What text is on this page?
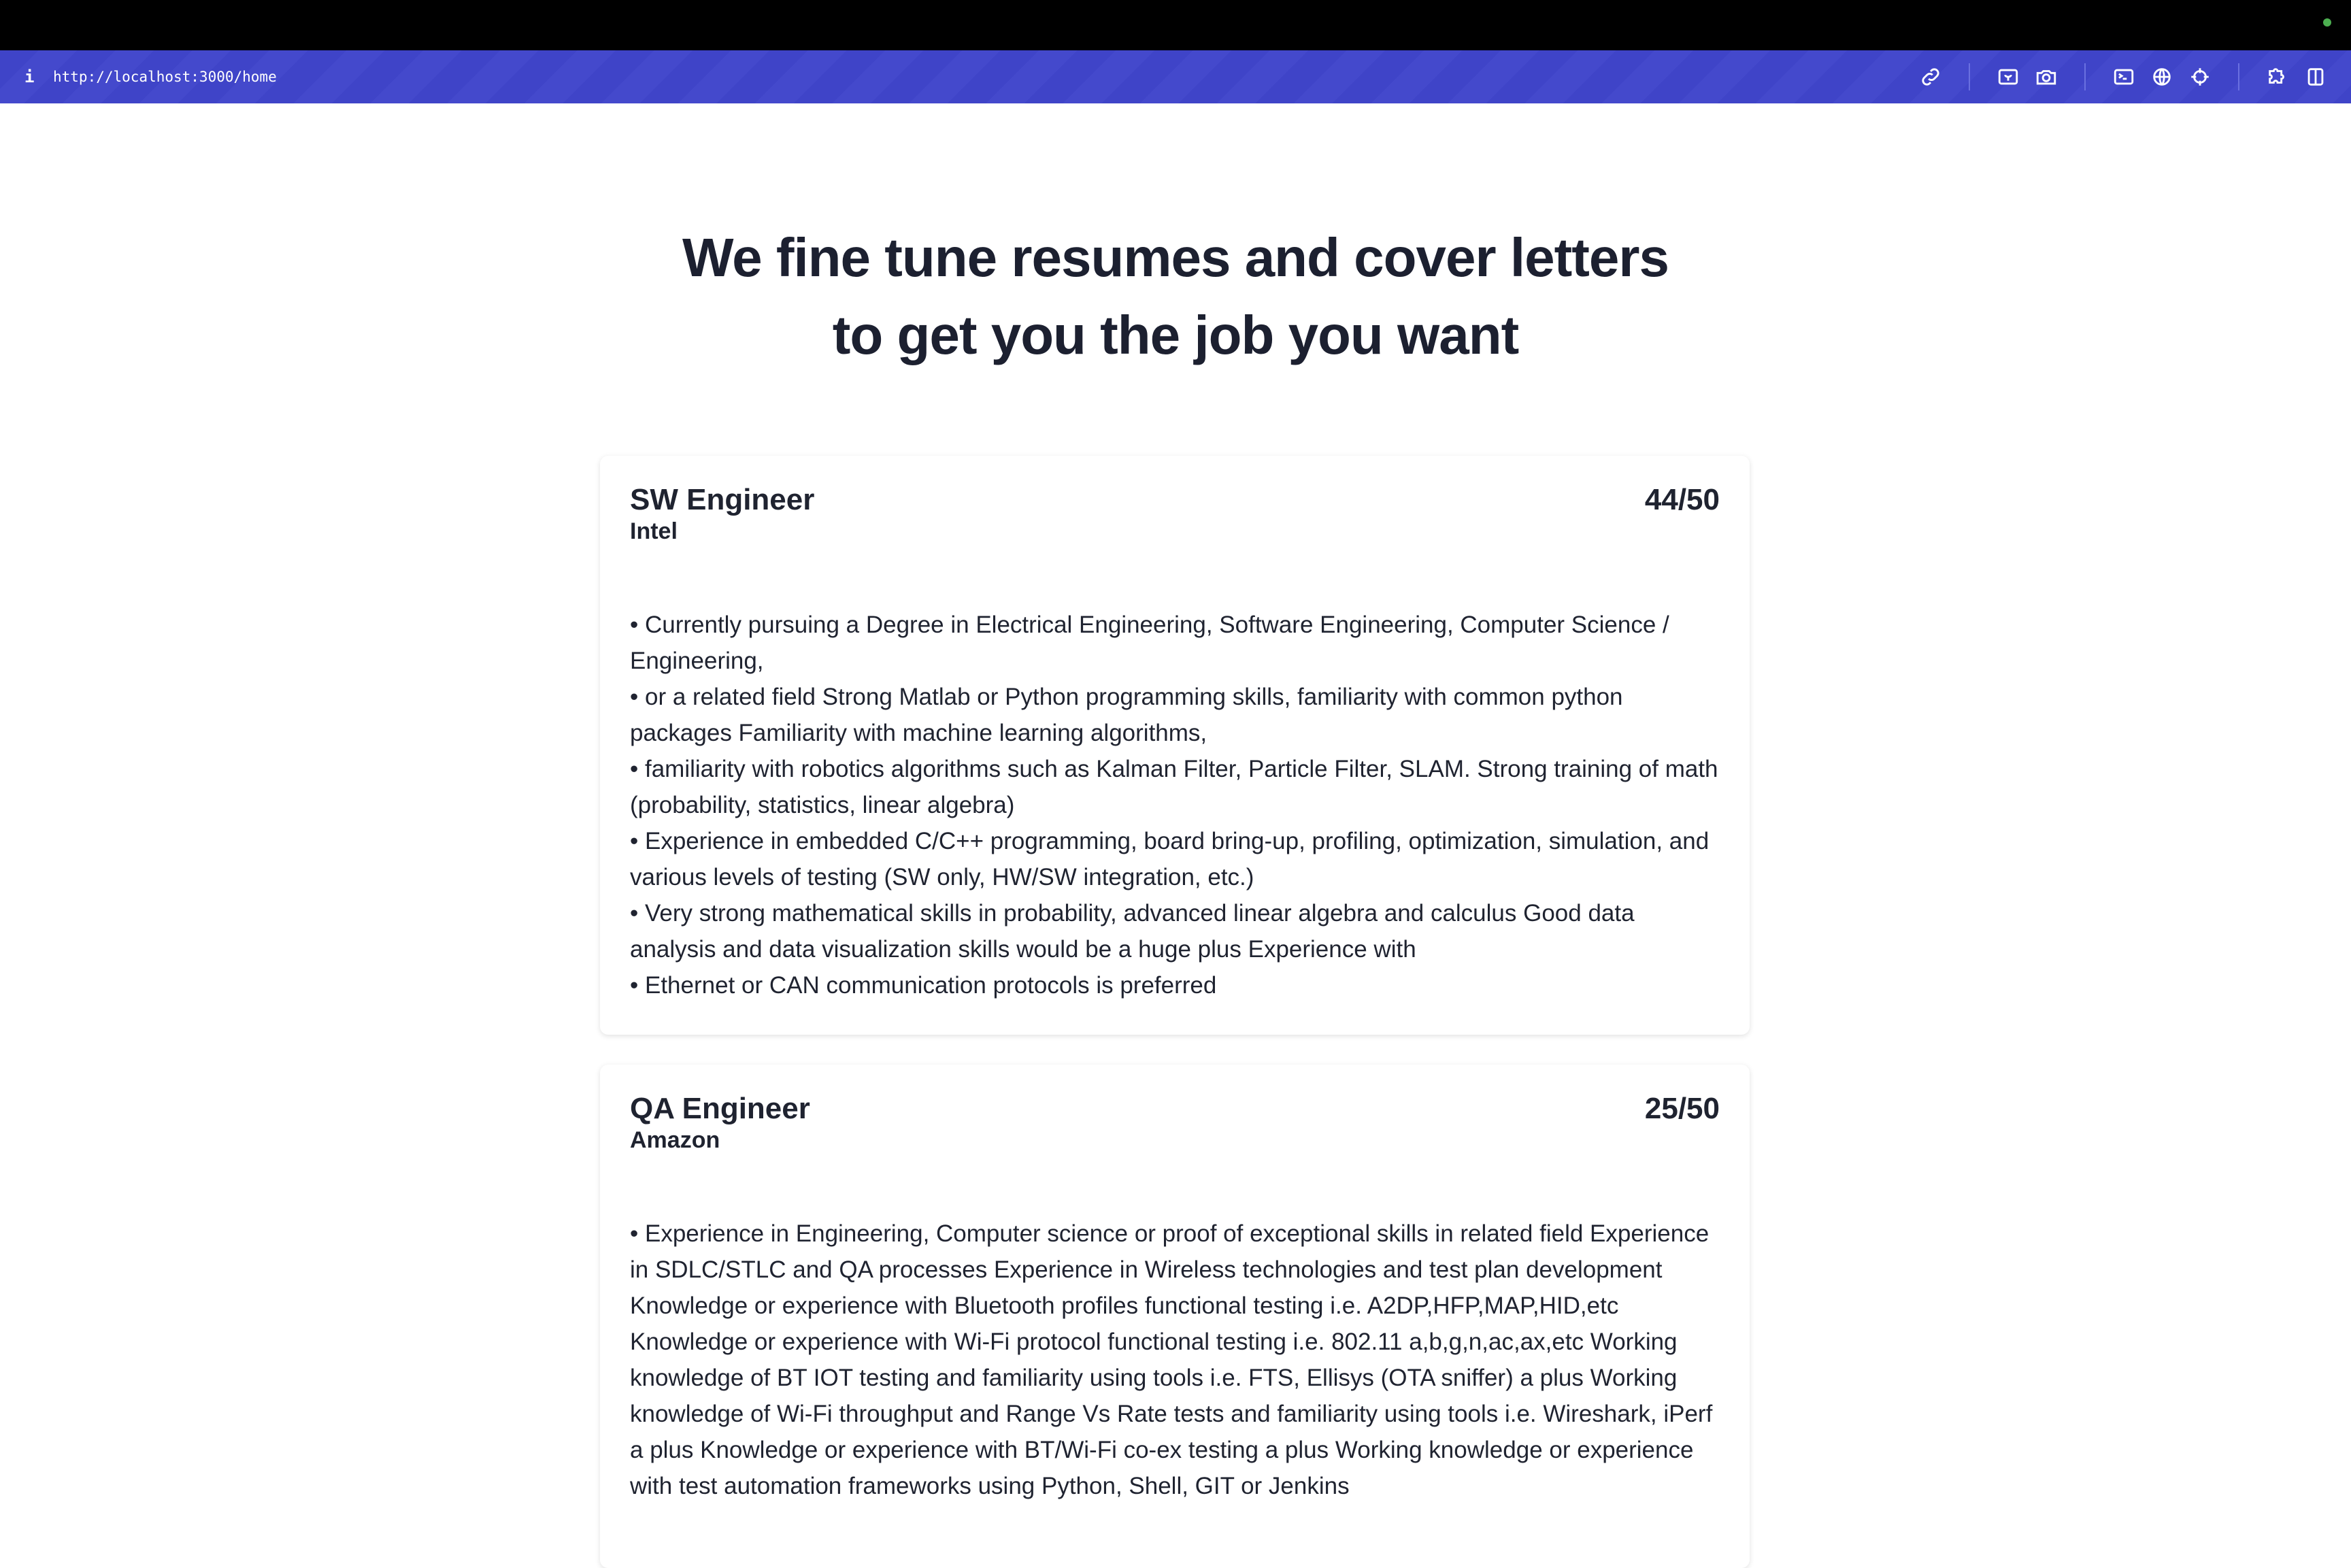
i	http://localhost:3000/home
We fine tune resumes and cover letters
to get you the job you want
SW Engineer
Intel
44/50
• Currently pursuing a Degree in Electrical Engineering, Software Engineering, Computer Science / Engineering,
• or a related field Strong Matlab or Python programming skills, familiarity with common python packages Familiarity with machine learning algorithms,
• familiarity with robotics algorithms such as Kalman Filter, Particle Filter, SLAM. Strong training of math (probability, statistics, linear algebra)
• Experience in embedded C/C++ programming, board bring-up, profiling, optimization, simulation, and various levels of testing (SW only, HW/SW integration, etc.)
• Very strong mathematical skills in probability, advanced linear algebra and calculus Good data analysis and data visualization skills would be a huge plus Experience with
• Ethernet or CAN communication protocols is preferred
QA Engineer
Amazon
25/50
• Experience in Engineering, Computer science or proof of exceptional skills in related field Experience in SDLC/STLC and QA processes Experience in Wireless technologies and test plan development Knowledge or experience with Bluetooth profiles functional testing i.e. A2DP,HFP,MAP,HID,etc Knowledge or experience with Wi-Fi protocol functional testing i.e. 802.11 a,b,g,n,ac,ax,etc Working knowledge of BT IOT testing and familiarity using tools i.e. FTS, Ellisys (OTA sniffer) a plus Working knowledge of Wi-Fi throughput and Range Vs Rate tests and familiarity using tools i.e. Wireshark, iPerf a plus Knowledge or experience with BT/Wi-Fi co-ex testing a plus Working knowledge or experience with test automation frameworks using Python, Shell, GIT or Jenkins
